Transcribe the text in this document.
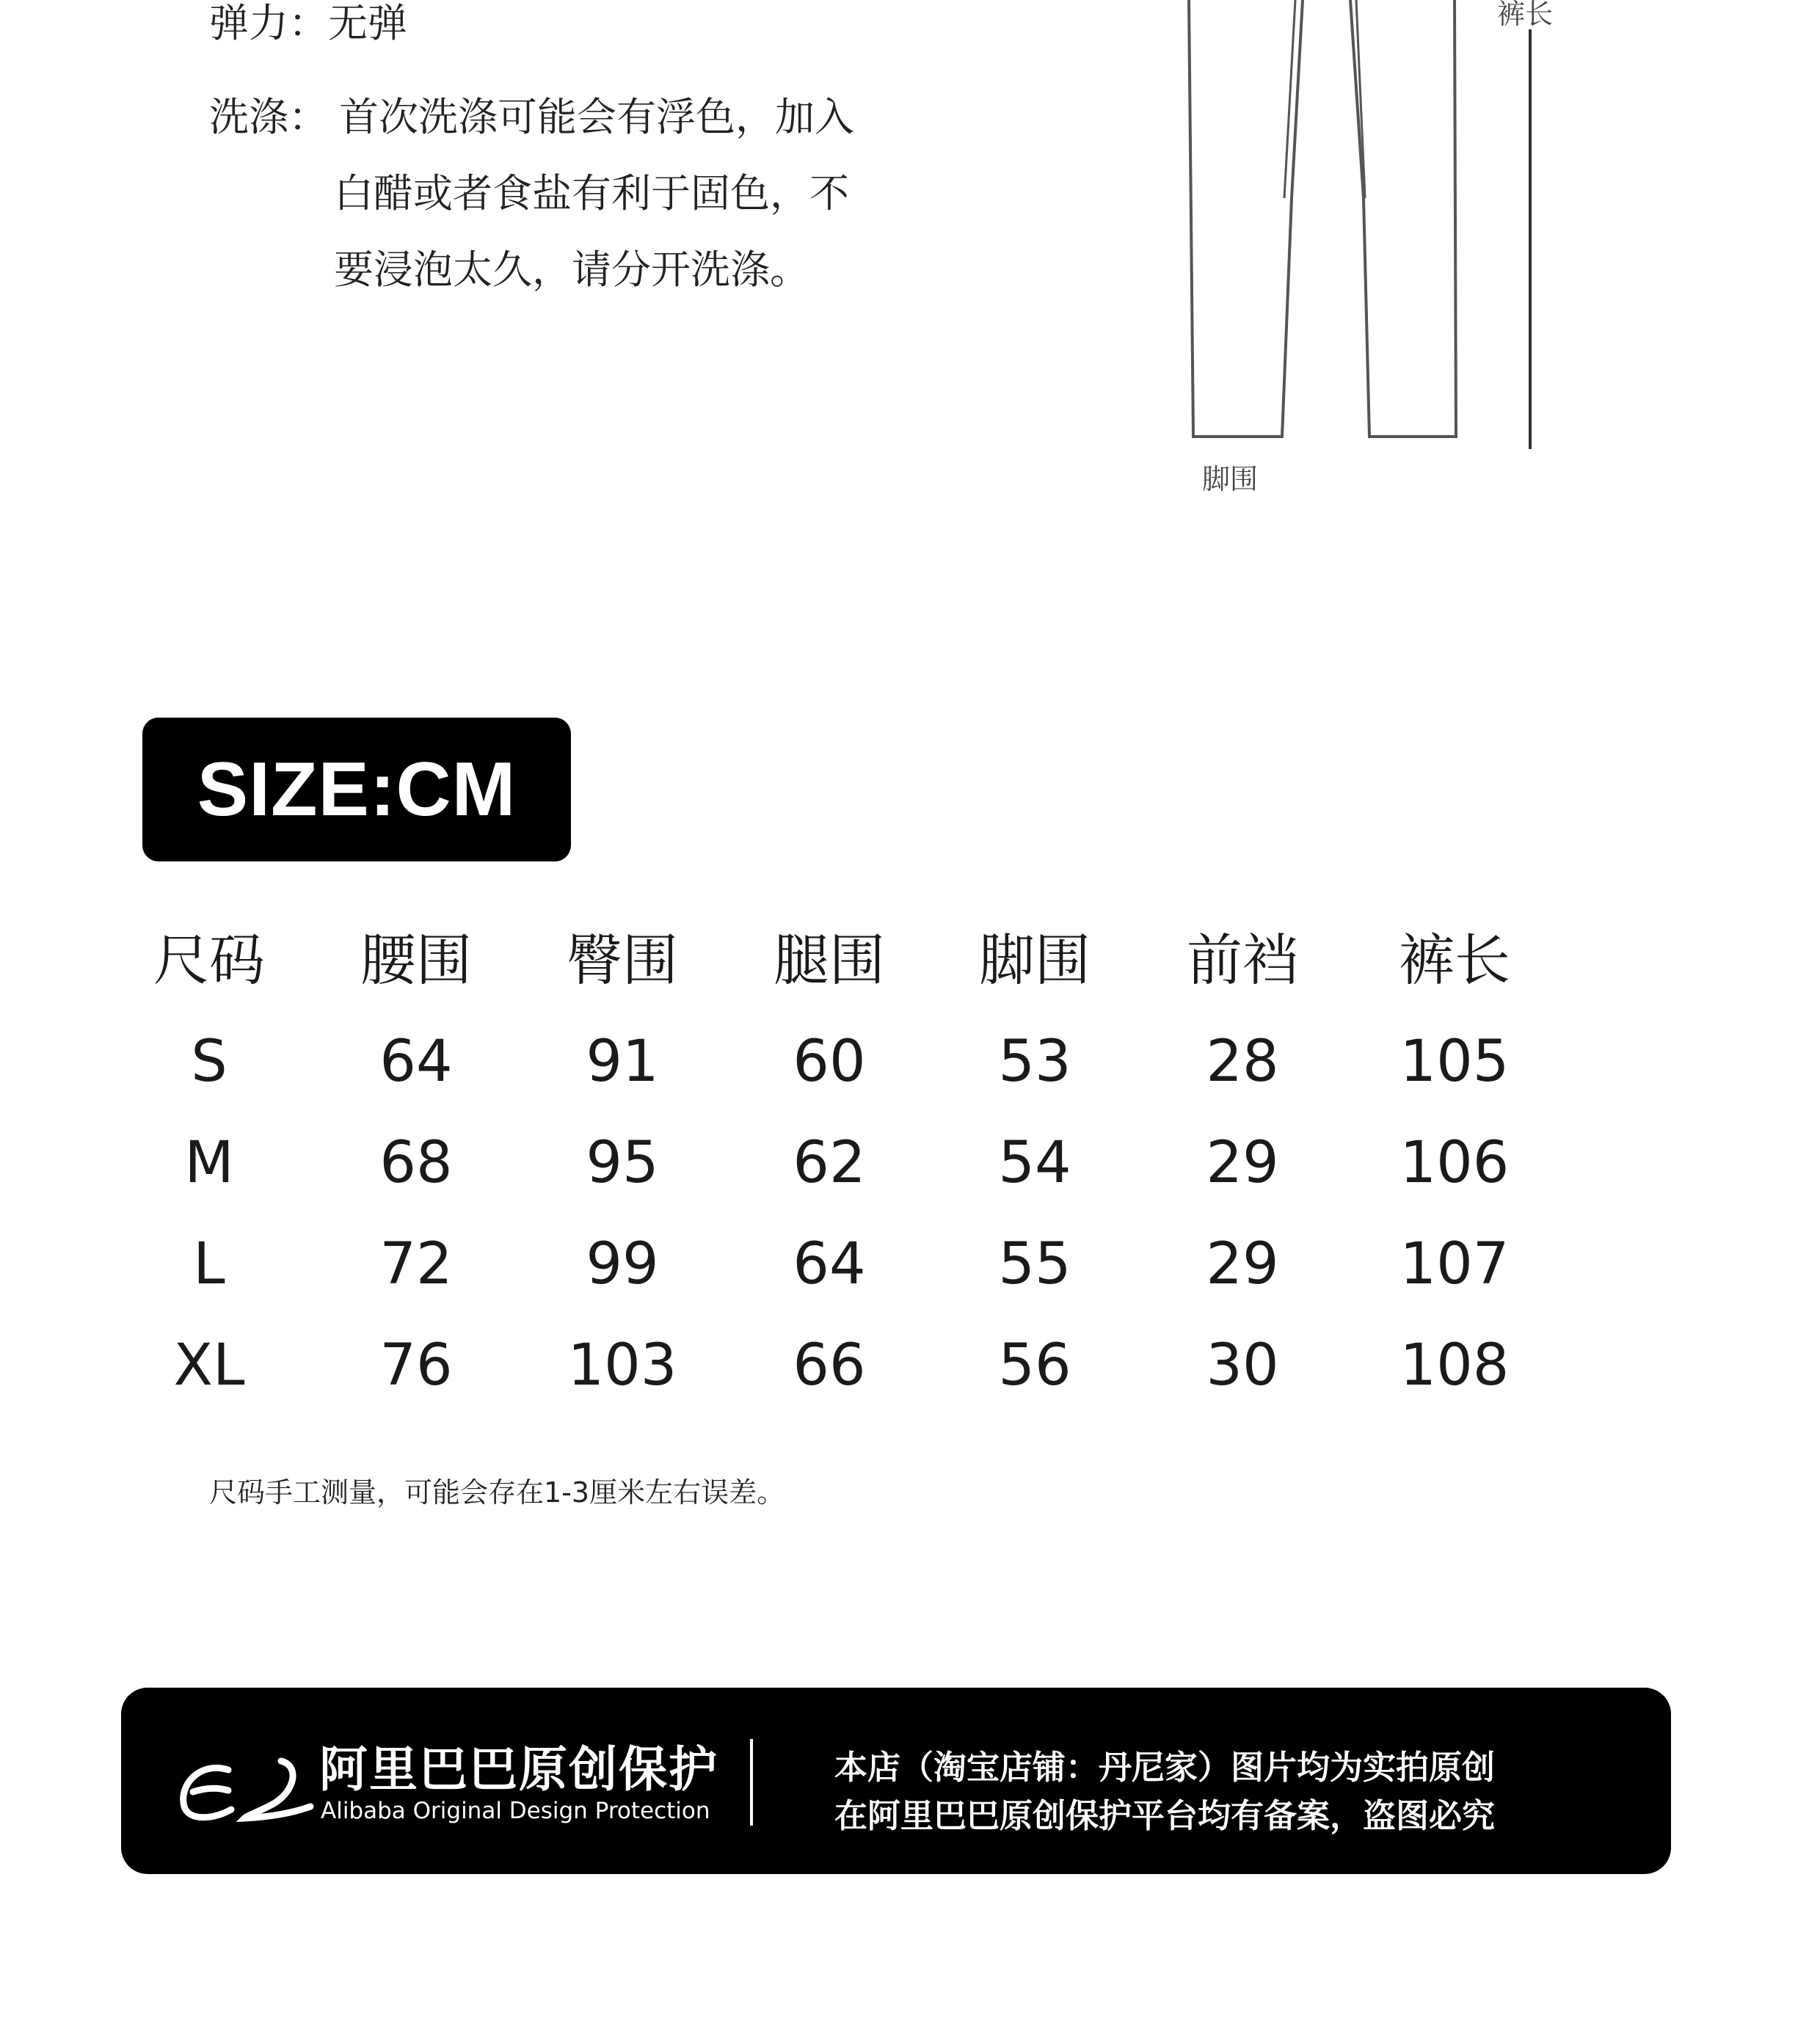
弹力：无弹
洗涤： 首次洗涤可能会有浮色，加入
白醋或者食盐有利于固色，不
要浸泡太久，请分开洗涤。
裤长
脚围
SIZE:CM
尺码	腰围	臀围	腿围	脚围	前裆	裤长
S	64	91	60	53	28	105
M	68	95	62	54	29	106
L	72	99	64	55	29	107
XL	76	103	66	56	30	108
尺码手工测量，可能会存在1-3厘米左右误差。
阿里巴巴原创保护
Alibaba Original Design Protection
本店（淘宝店铺：丹尼家）图片均为实拍原创
在阿里巴巴原创保护平台均有备案，盗图必究
